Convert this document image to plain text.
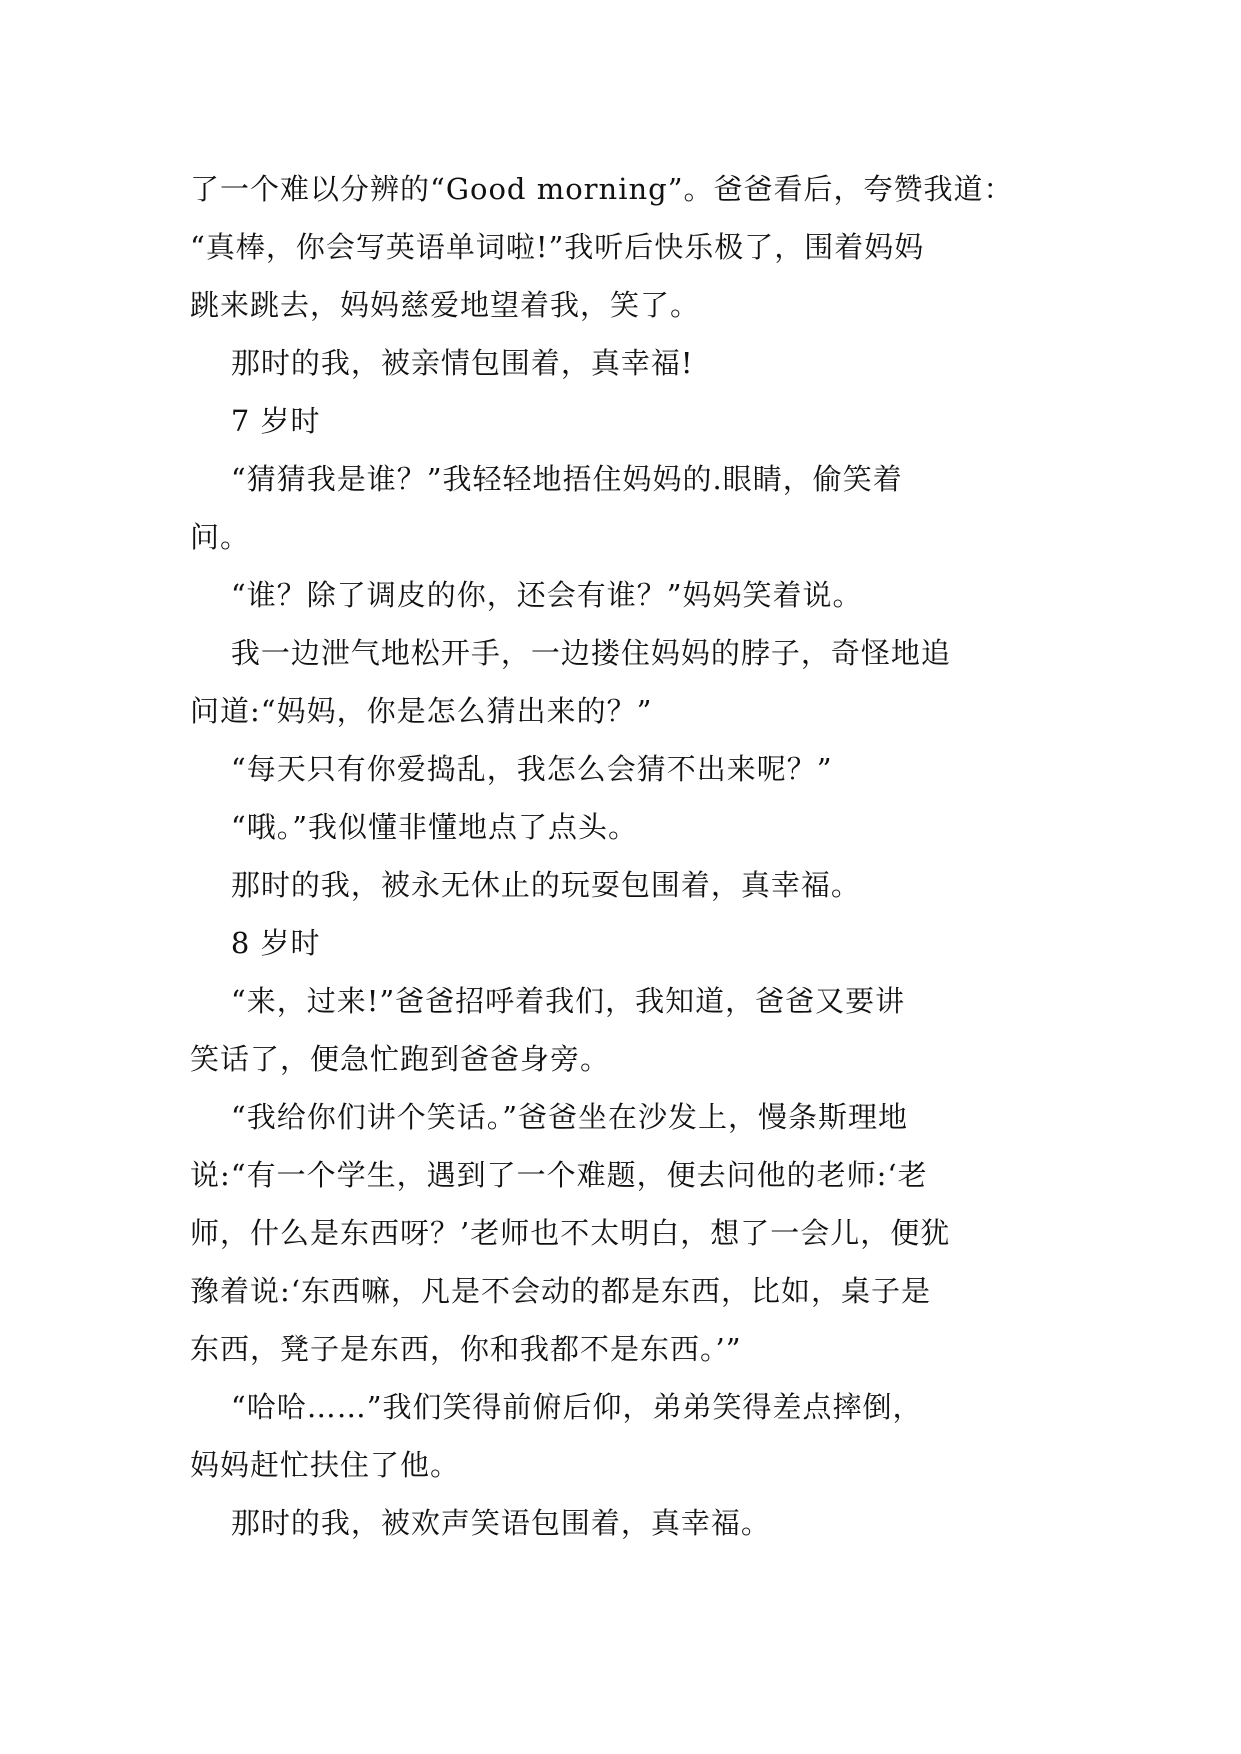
了一个难以分辨的“Good morning”。爸爸看后，夸赞我道：
“真棒，你会写英语单词啦!”我听后快乐极了，围着妈妈
跳来跳去，妈妈慈爱地望着我，笑了。
那时的我，被亲情包围着，真幸福!
7 岁时
“猜猜我是谁？”我轻轻地捂住妈妈的.眼睛，偷笑着
问。
“谁？除了调皮的你，还会有谁？”妈妈笑着说。
我一边泄气地松开手，一边搂住妈妈的脖子，奇怪地追
问道:“妈妈，你是怎么猜出来的？”
“每天只有你爱捣乱，我怎么会猜不出来呢？”
“哦。”我似懂非懂地点了点头。
那时的我，被永无休止的玩耍包围着，真幸福。
8 岁时
“来，过来!”爸爸招呼着我们，我知道，爸爸又要讲
笑话了，便急忙跑到爸爸身旁。
“我给你们讲个笑话。”爸爸坐在沙发上，慢条斯理地
说:“有一个学生，遇到了一个难题，便去问他的老师:‘老
师，什么是东西呀？’老师也不太明白，想了一会儿，便犹
豫着说:‘东西嘛，凡是不会动的都是东西，比如，桌子是
东西，凳子是东西，你和我都不是东西。’”
“哈哈……”我们笑得前俯后仰，弟弟笑得差点摔倒，
妈妈赶忙扶住了他。
那时的我，被欢声笑语包围着，真幸福。
